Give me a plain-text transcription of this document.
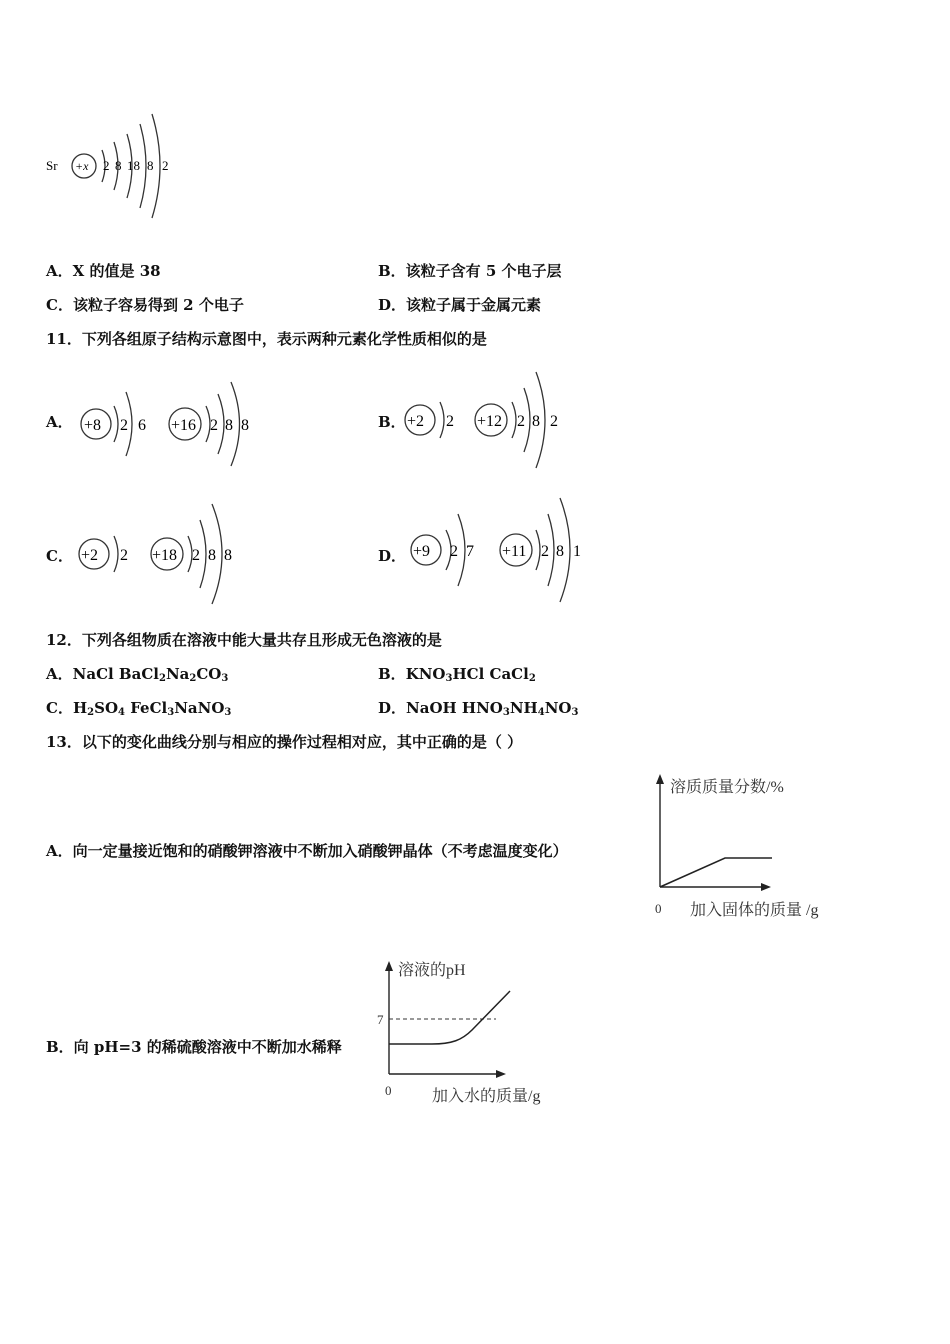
Sr +x 2 8 18 8 2
A．X 的值是 38	B．该粒子含有 5 个电子层
C．该粒子容易得到 2 个电子	D．该粒子属于金属元素
11．下列各组原子结构示意图中，表示两种元素化学性质相似的是
A． +8 2 6 +16 2 8 8	B． +2 2 +12 2 8 2
C． +2 2 +18 2 8 8	D． +9 2 7 +11 2 8 1
12．下列各组物质在溶液中能大量共存且形成无色溶液的是
A．NaCl $BaCl_2Na_2CO_3$	B．$KNO_3HCl$ CaCl$_2$
C．$H_2SO_4$ FeCl$_3$NaNO$_3$	D．NaOH $HNO_3NH_4NO_3$
13．以下的变化曲线分别与相应的操作过程相对应，其中正确的是（ ）
A．向一定量接近饱和的硝酸钾溶液中不断加入硝酸钾晶体（不考虑温度变化）
溶质质量分数/%
0 加入固体的质量 /g
B．向 pH=3 的稀硫酸溶液中不断加水稀释
溶液的pH
7
0	加入水的质量/g
